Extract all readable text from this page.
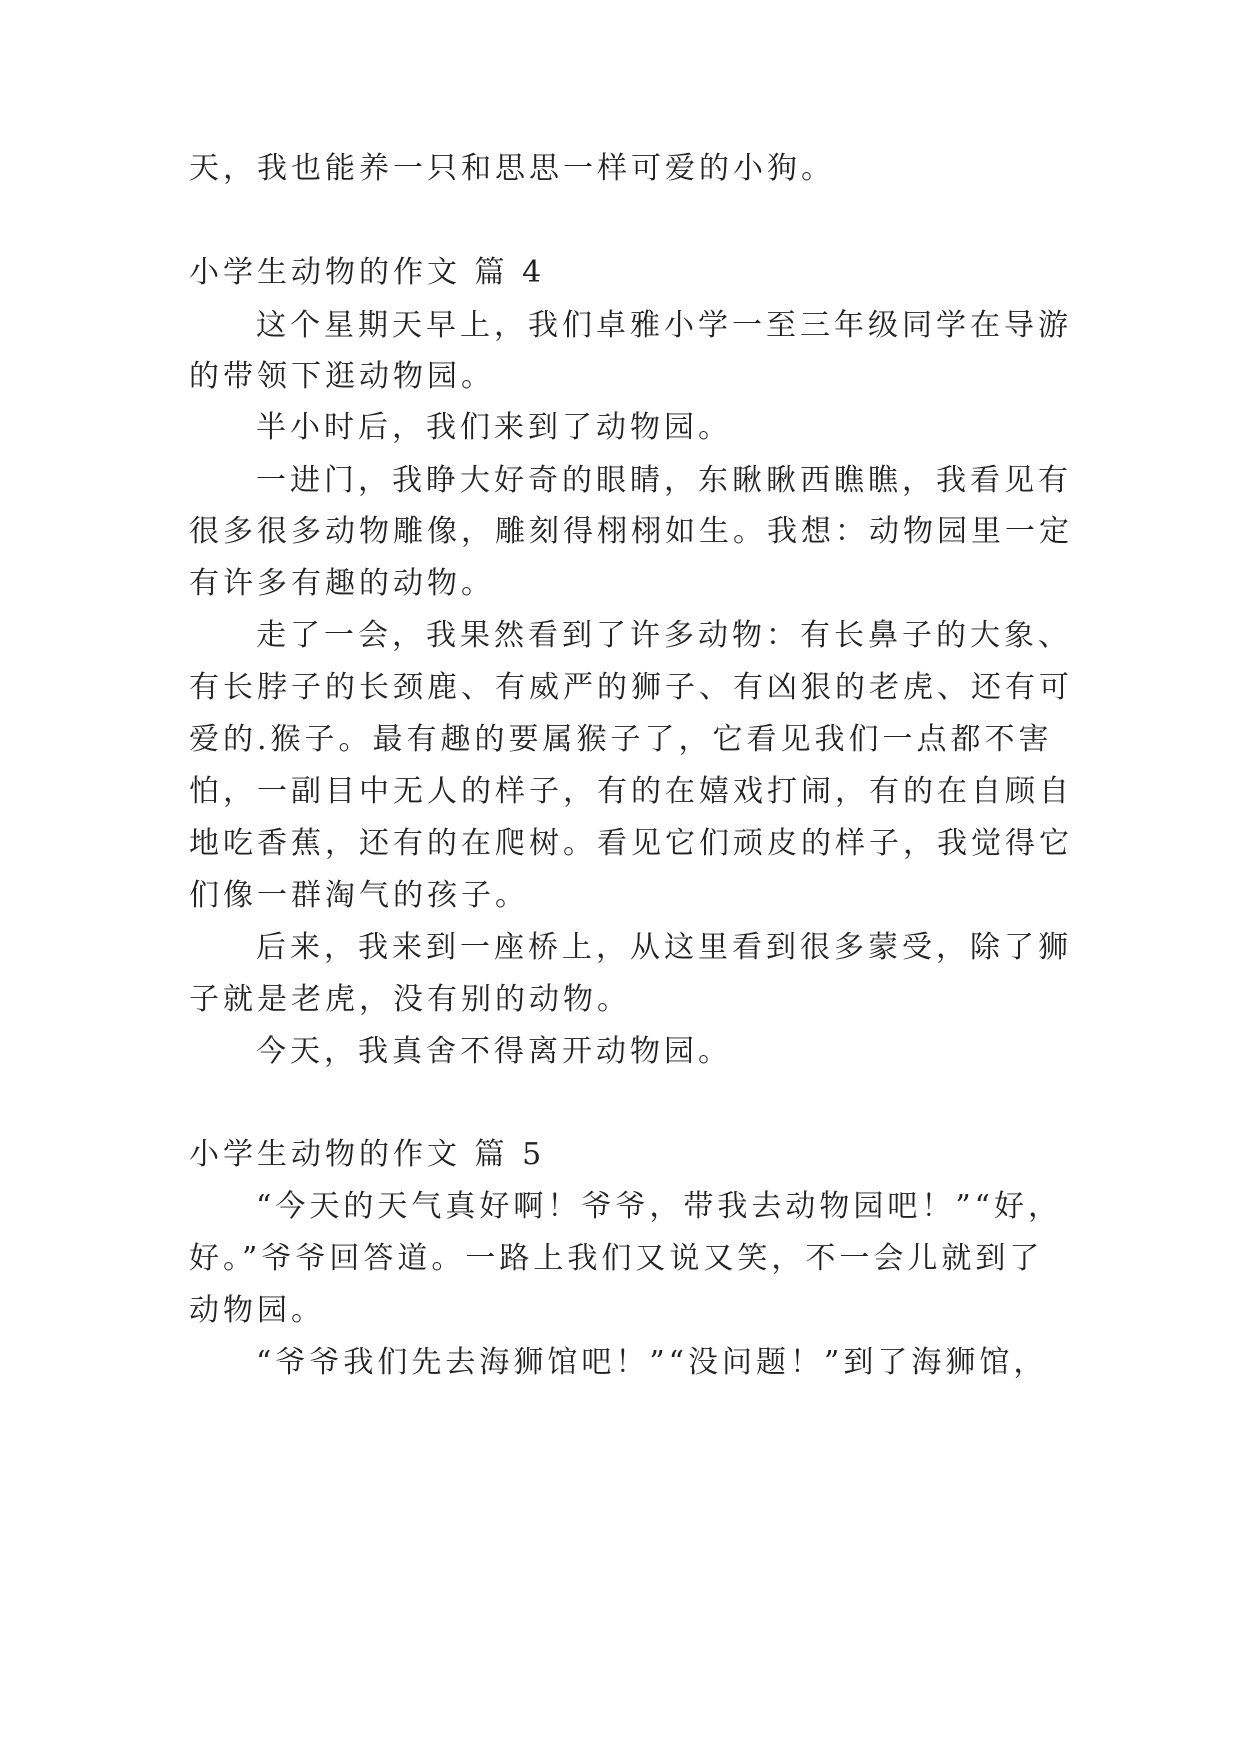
天，我也能养一只和思思一样可爱的小狗。
小学生动物的作文 篇 4
这个星期天早上，我们卓雅小学一至三年级同学在导游
的带领下逛动物园。
半小时后，我们来到了动物园。
一进门，我睁大好奇的眼睛，东瞅瞅西瞧瞧，我看见有
很多很多动物雕像，雕刻得栩栩如生。我想：动物园里一定
有许多有趣的动物。
走了一会，我果然看到了许多动物：有长鼻子的大象、
有长脖子的长颈鹿、有威严的狮子、有凶狠的老虎、还有可
爱的.猴子。最有趣的要属猴子了，它看见我们一点都不害
怕，一副目中无人的样子，有的在嬉戏打闹，有的在自顾自
地吃香蕉，还有的在爬树。看见它们顽皮的样子，我觉得它
们像一群淘气的孩子。
后来，我来到一座桥上，从这里看到很多蒙受，除了狮
子就是老虎，没有别的动物。
今天，我真舍不得离开动物园。
小学生动物的作文 篇 5
“今天的天气真好啊！爷爷，带我去动物园吧！”“好，
好。”爷爷回答道。一路上我们又说又笑，不一会儿就到了
动物园。
“爷爷我们先去海狮馆吧！”“没问题！”到了海狮馆，
